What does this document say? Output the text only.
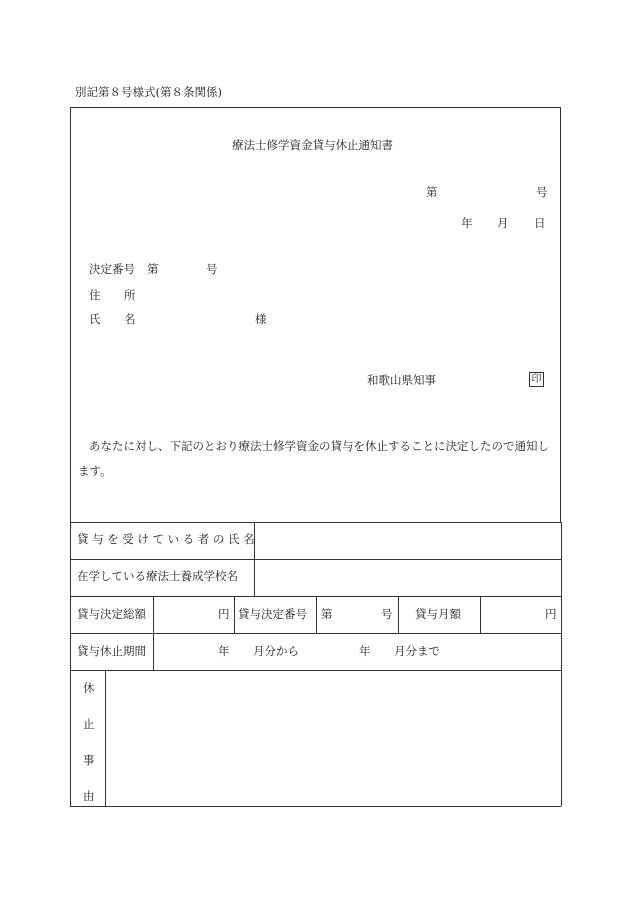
別記第８号様式(第８条関係)
療法士修学資金貸与休止通知書
第	号
年 月 日
決定番号 第	号
住 所
氏 名	様
和歌山県知事	印
あなたに対し、下記のとおり療法士修学資金の貸与を休止することに決定したので通知します。
貸与を受けている者の氏名
在学している療法士養成学校名
貸与決定総額	円 貸与決定番号 第	号 貸与月額	円
貸与休止期間	年 月分から	年 月分まで
休
止
事
由
